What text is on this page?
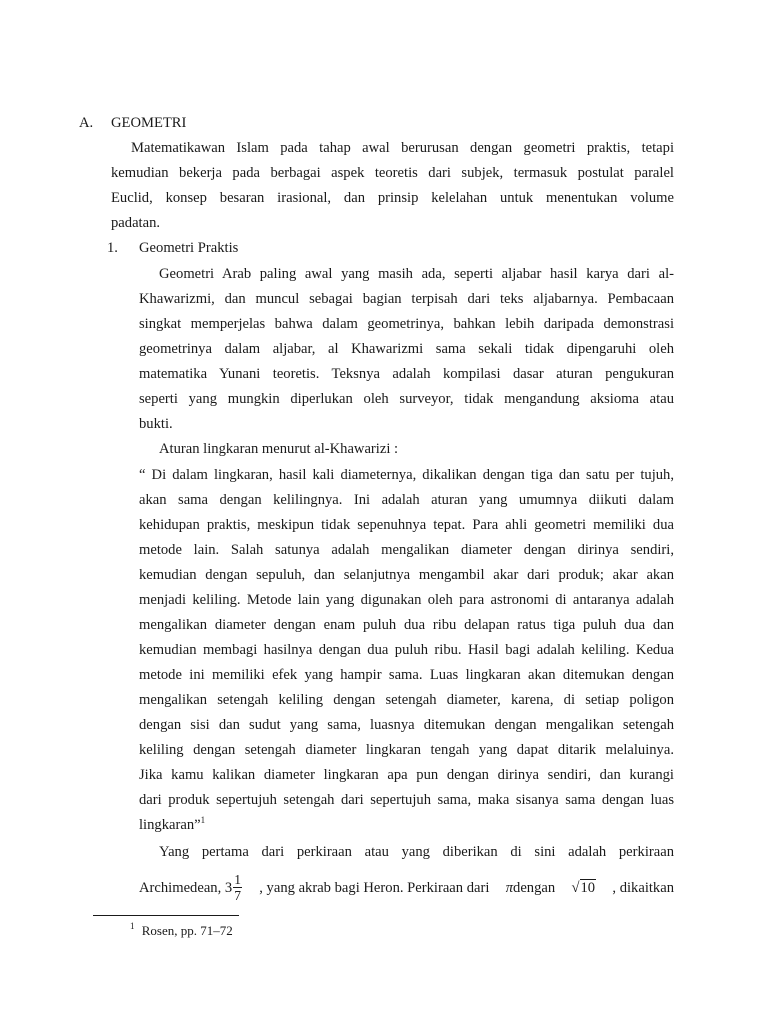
A. GEOMETRI
Matematikawan Islam pada tahap awal berurusan dengan geometri praktis, tetapi
kemudian bekerja pada berbagai aspek teoretis dari subjek, termasuk postulat paralel
Euclid, konsep besaran irasional, dan prinsip kelelahan untuk menentukan volume
padatan.
1. Geometri Praktis
Geometri Arab paling awal yang masih ada, seperti aljabar hasil karya dari al-
Khawarizmi, dan muncul sebagai bagian terpisah dari teks aljabarnya. Pembacaan
singkat memperjelas bahwa dalam geometrinya, bahkan lebih daripada demonstrasi
geometrinya dalam aljabar, al Khawarizmi sama sekali tidak dipengaruhi oleh
matematika Yunani teoretis. Teksnya adalah kompilasi dasar aturan pengukuran
seperti yang mungkin diperlukan oleh surveyor, tidak mengandung aksioma atau
bukti.
Aturan lingkaran menurut al-Khawarizi :
“ Di dalam lingkaran, hasil kali diameternya, dikalikan dengan tiga dan satu per tujuh,
akan sama dengan kelilingnya. Ini adalah aturan yang umumnya diikuti dalam
kehidupan praktis, meskipun tidak sepenuhnya tepat. Para ahli geometri memiliki dua
metode lain. Salah satunya adalah mengalikan diameter dengan dirinya sendiri,
kemudian dengan sepuluh, dan selanjutnya mengambil akar dari produk; akar akan
menjadi keliling. Metode lain yang digunakan oleh para astronomi di antaranya adalah
mengalikan diameter dengan enam puluh dua ribu delapan ratus tiga puluh dua dan
kemudian membagi hasilnya dengan dua puluh ribu. Hasil bagi adalah keliling. Kedua
metode ini memiliki efek yang hampir sama. Luas lingkaran akan ditemukan dengan
mengalikan setengah keliling dengan setengah diameter, karena, di setiap poligon
dengan sisi dan sudut yang sama, luasnya ditemukan dengan mengalikan setengah
keliling dengan setengah diameter lingkaran tengah yang dapat ditarik melaluinya.
Jika kamu kalikan diameter lingkaran apa pun dengan dirinya sendiri, dan kurangi
dari produk sepertujuh setengah dari sepertujuh sama, maka sisanya sama dengan luas
lingkaran”$^1$
Yang pertama dari perkiraan atau yang diberikan di sini adalah perkiraan
Archimedean, $3 \frac{1}{7}$ , yang akrab bagi Heron. Perkiraan dari πdengan √10 , dikaitkan
$^1$ Rosen, pp. 71–72
